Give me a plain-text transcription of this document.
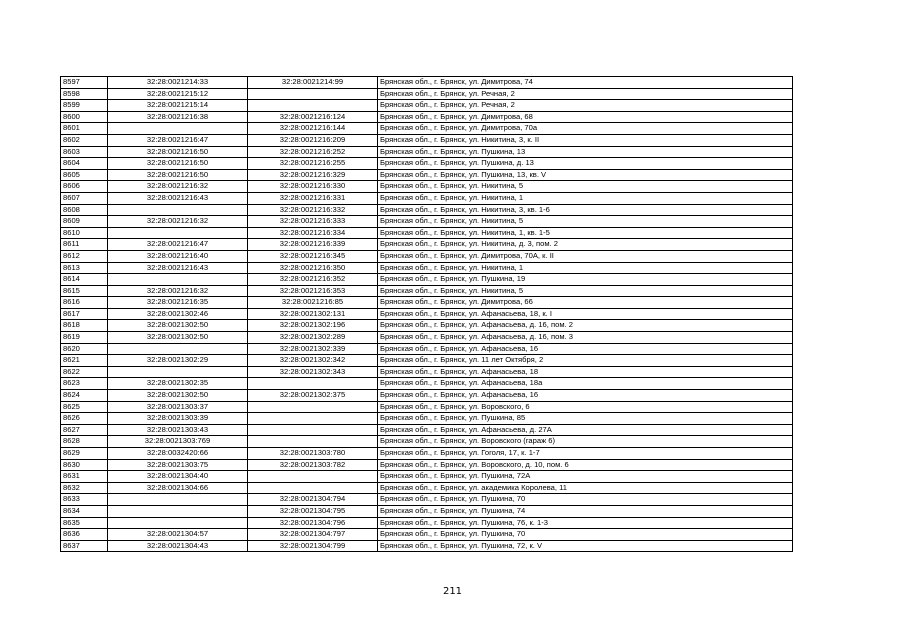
8597	32:28:0021214:33	32:28:0021214:99	Брянская обл., г. Брянск, ул. Димитрова, 74
8598	32:28:0021215:12		Брянская обл., г. Брянск, ул. Речная, 2
8599	32:28:0021215:14		Брянская обл., г. Брянск, ул. Речная, 2
8600	32:28:0021216:38	32:28:0021216:124	Брянская обл., г. Брянск, ул. Димитрова, 68
8601		32:28:0021216:144	Брянская обл., г. Брянск, ул. Димитрова, 70а
8602	32:28:0021216:47	32:28:0021216:209	Брянская обл., г. Брянск, ул. Никитина, 3, к. II
8603	32:28:0021216:50	32:28:0021216:252	Брянская обл., г. Брянск, ул. Пушкина, 13
8604	32:28:0021216:50	32:28:0021216:255	Брянская обл., г. Брянск, ул. Пушкина, д. 13
8605	32:28:0021216:50	32:28:0021216:329	Брянская обл., г. Брянск, ул. Пушкина, 13, кв. V
8606	32:28:0021216:32	32:28:0021216:330	Брянская обл., г. Брянск, ул. Никитина, 5
8607	32:28:0021216:43	32:28:0021216:331	Брянская обл., г. Брянск, ул. Никитина, 1
8608		32:28:0021216:332	Брянская обл., г. Брянск, ул. Никитина, 3, кв. 1-6
8609	32:28:0021216:32	32:28:0021216:333	Брянская обл., г. Брянск, ул. Никитина, 5
8610		32:28:0021216:334	Брянская обл., г. Брянск, ул. Никитина, 1, кв. 1-5
8611	32:28:0021216:47	32:28:0021216:339	Брянская обл., г. Брянск, ул. Никитина, д. 3, пом. 2
8612	32:28:0021216:40	32:28:0021216:345	Брянская обл., г. Брянск, ул. Димитрова, 70А, к. II
8613	32:28:0021216:43	32:28:0021216:350	Брянская обл., г. Брянск, ул. Никитина, 1
8614		32:28:0021216:352	Брянская обл., г. Брянск, ул. Пушкина, 19
8615	32:28:0021216:32	32:28:0021216:353	Брянская обл., г. Брянск, ул. Никитина, 5
8616	32:28:0021216:35	32:28:0021216:85	Брянская обл., г. Брянск, ул. Димитрова, 66
8617	32:28:0021302:46	32:28:0021302:131	Брянская обл., г. Брянск, ул. Афанасьева, 18, к. I
8618	32:28:0021302:50	32:28:0021302:196	Брянская обл., г. Брянск, ул. Афанасьева, д. 16, пом. 2
8619	32:28:0021302:50	32:28:0021302:289	Брянская обл., г. Брянск, ул. Афанасьева, д. 16, пом. 3
8620		32:28:0021302:339	Брянская обл., г. Брянск, ул. Афанасьева, 16
8621	32:28:0021302:29	32:28:0021302:342	Брянская обл., г. Брянск, ул. 11 лет Октября, 2
8622		32:28:0021302:343	Брянская обл., г. Брянск, ул. Афанасьева, 18
8623	32:28:0021302:35		Брянская обл., г. Брянск, ул. Афанасьева, 18а
8624	32:28:0021302:50	32:28:0021302:375	Брянская обл., г. Брянск, ул. Афанасьева, 16
8625	32:28:0021303:37		Брянская обл., г. Брянск, ул. Воровского, 6
8626	32:28:0021303:39		Брянская обл., г. Брянск, ул. Пушкина, 85
8627	32:28:0021303:43		Брянская обл., г. Брянск, ул. Афанасьева, д. 27А
8628	32:28:0021303:769		Брянская обл., г. Брянск, ул. Воровского (гараж 6)
8629	32:28:0032420:66	32:28:0021303:780	Брянская обл., г. Брянск, ул. Гоголя, 17, к. 1-7
8630	32:28:0021303:75	32:28:0021303:782	Брянская обл., г. Брянск, ул. Воровского, д. 10, пом. 6
8631	32:28:0021304:40		Брянская обл., г. Брянск, ул. Пушкина, 72А
8632	32:28:0021304:66		Брянская обл., г. Брянск, ул. академика Королева, 11
8633		32:28:0021304:794	Брянская обл., г. Брянск, ул. Пушкина, 70
8634		32:28:0021304:795	Брянская обл., г. Брянск, ул. Пушкина, 74
8635		32:28:0021304:796	Брянская обл., г. Брянск, ул. Пушкина, 76, к. 1-3
8636	32:28:0021304:57	32:28:0021304:797	Брянская обл., г. Брянск, ул. Пушкина, 70
8637	32:28:0021304:43	32:28:0021304:799	Брянская обл., г. Брянск, ул. Пушкина, 72, к. V
211
